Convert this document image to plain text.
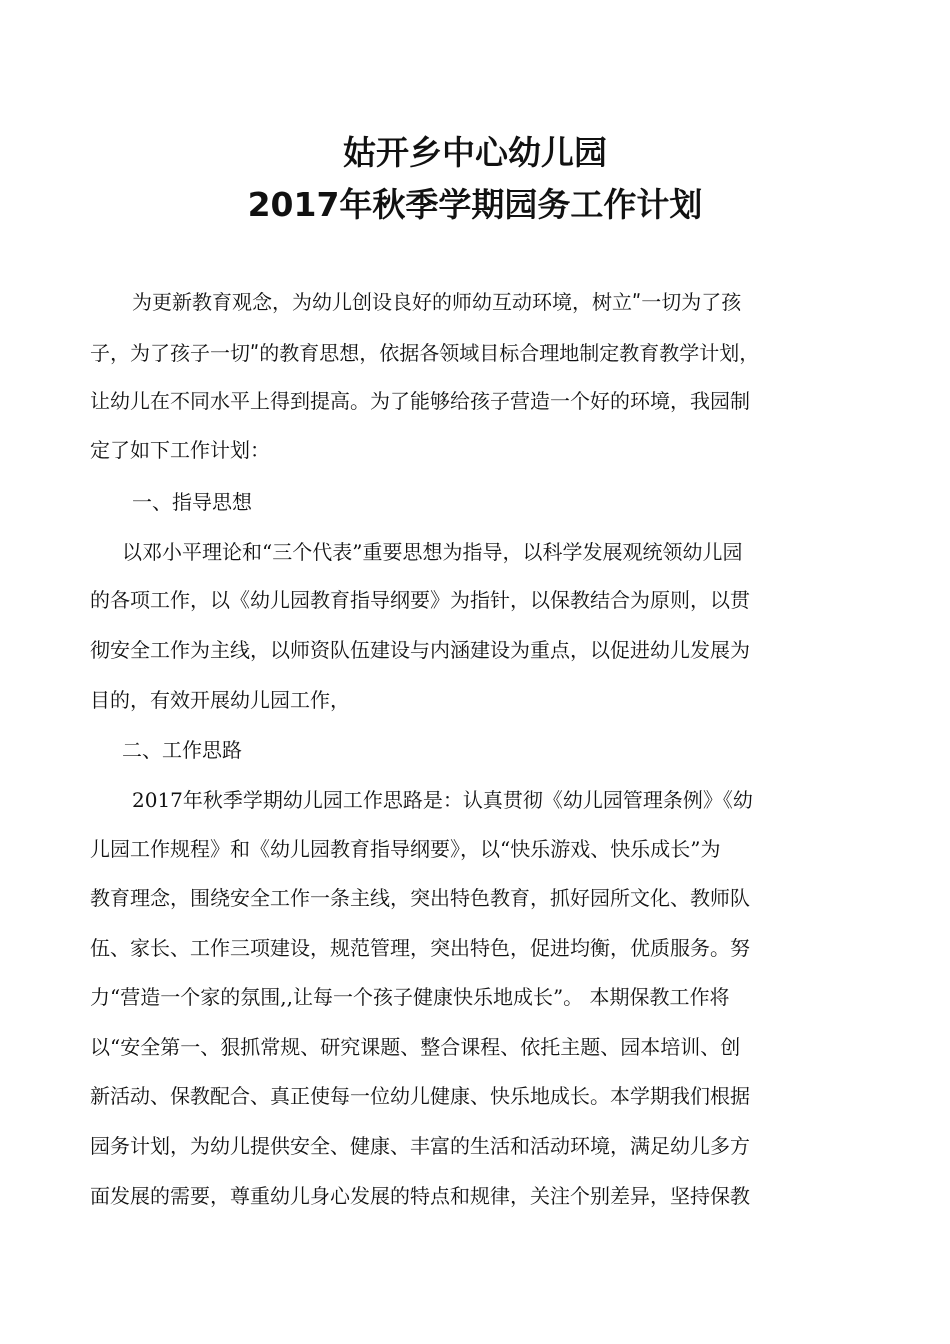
姑开乡中心幼儿园
2017年秋季学期园务工作计划
为更新教育观念，为幼儿创设良好的师幼互动环境，树立ʺ一切为了孩
子，为了孩子一切ʺ的教育思想，依据各领域目标合理地制定教育教学计划，
让幼儿在不同水平上得到提高。为了能够给孩子营造一个好的环境，我园制
定了如下工作计划：
一、指导思想
以邓小平理论和“三个代表”重要思想为指导，以科学发展观统领幼儿园
的各项工作，以《幼儿园教育指导纲要》为指针，以保教结合为原则，以贯
彻安全工作为主线，以师资队伍建设与内涵建设为重点，以促进幼儿发展为
目的，有效开展幼儿园工作，
二、工作思路
2017年秋季学期幼儿园工作思路是：认真贯彻《幼儿园管理条例》《幼
儿园工作规程》和《幼儿园教育指导纲要》，以“快乐游戏、快乐成长”为
教育理念，围绕安全工作一条主线，突出特色教育，抓好园所文化、教师队
伍、家长、工作三项建设，规范管理，突出特色，促进均衡，优质服务。努
力“营造一个家的氛围,,让每一个孩子健康快乐地成长”。 本期保教工作将
以“安全第一、狠抓常规、研究课题、整合课程、依托主题、园本培训、创
新活动、保教配合、真正使每一位幼儿健康、快乐地成长。本学期我们根据
园务计划，为幼儿提供安全、健康、丰富的生活和活动环境，满足幼儿多方
面发展的需要，尊重幼儿身心发展的特点和规律，关注个别差异，坚持保教
